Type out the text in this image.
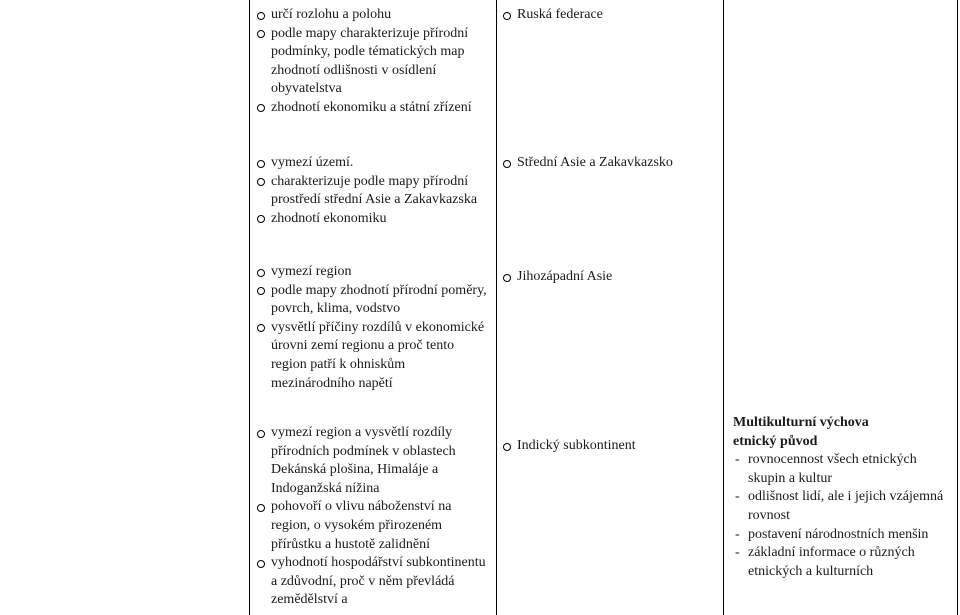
určí rozlohu a polohu
podle mapy charakterizuje přírodní podmínky, podle tématických map zhodnotí odlišnosti v osídlení obyvatelstva
zhodnotí ekonomiku a státní zřízení
Ruská federace
vymezí území.
charakterizuje podle mapy přírodní prostředí střední Asie a Zakavkazska
zhodnotí ekonomiku
Střední Asie a Zakavkazsko
vymezí region
podle mapy zhodnotí přírodní poměry, povrch, klima, vodstvo
vysvětlí příčiny rozdílů v ekonomické úrovni zemí regionu a proč tento region patří k ohniskům mezinárodního napětí
Jihozápadní Asie
vymezí region a vysvětlí rozdíly přírodních podmínek v oblastech Dekánská plošina, Himaláje a Indoganžská nížina
pohovoří o vlivu náboženství na region, o vysokém přirozeném přírůstku a hustotě zalidnění
vyhodnotí hospodářství subkontinentu a zdůvodní, proč v něm převládá zemědělství a
Indický subkontinent
Multikulturní výchova
etnický původ
- rovnocennost všech etnických skupin a kultur
- odlišnost lidí, ale i jejich vzájemná rovnost
- postavení národnostních menšin
- základní informace o různých etnických a kulturních
